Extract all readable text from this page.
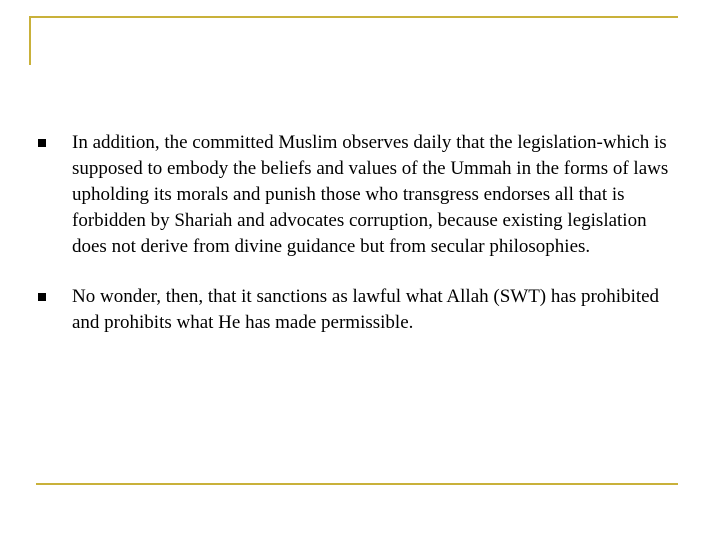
In addition, the committed Muslim observes daily that the legislation-which is supposed to embody the beliefs and values of the Ummah in the forms of laws upholding its morals and punish those who transgress endorses all that is forbidden by Shariah and advocates corruption, because existing legislation does not derive from divine guidance but from secular philosophies.
No wonder, then, that it sanctions as lawful what Allah (SWT) has prohibited and prohibits what He has made permissible.
